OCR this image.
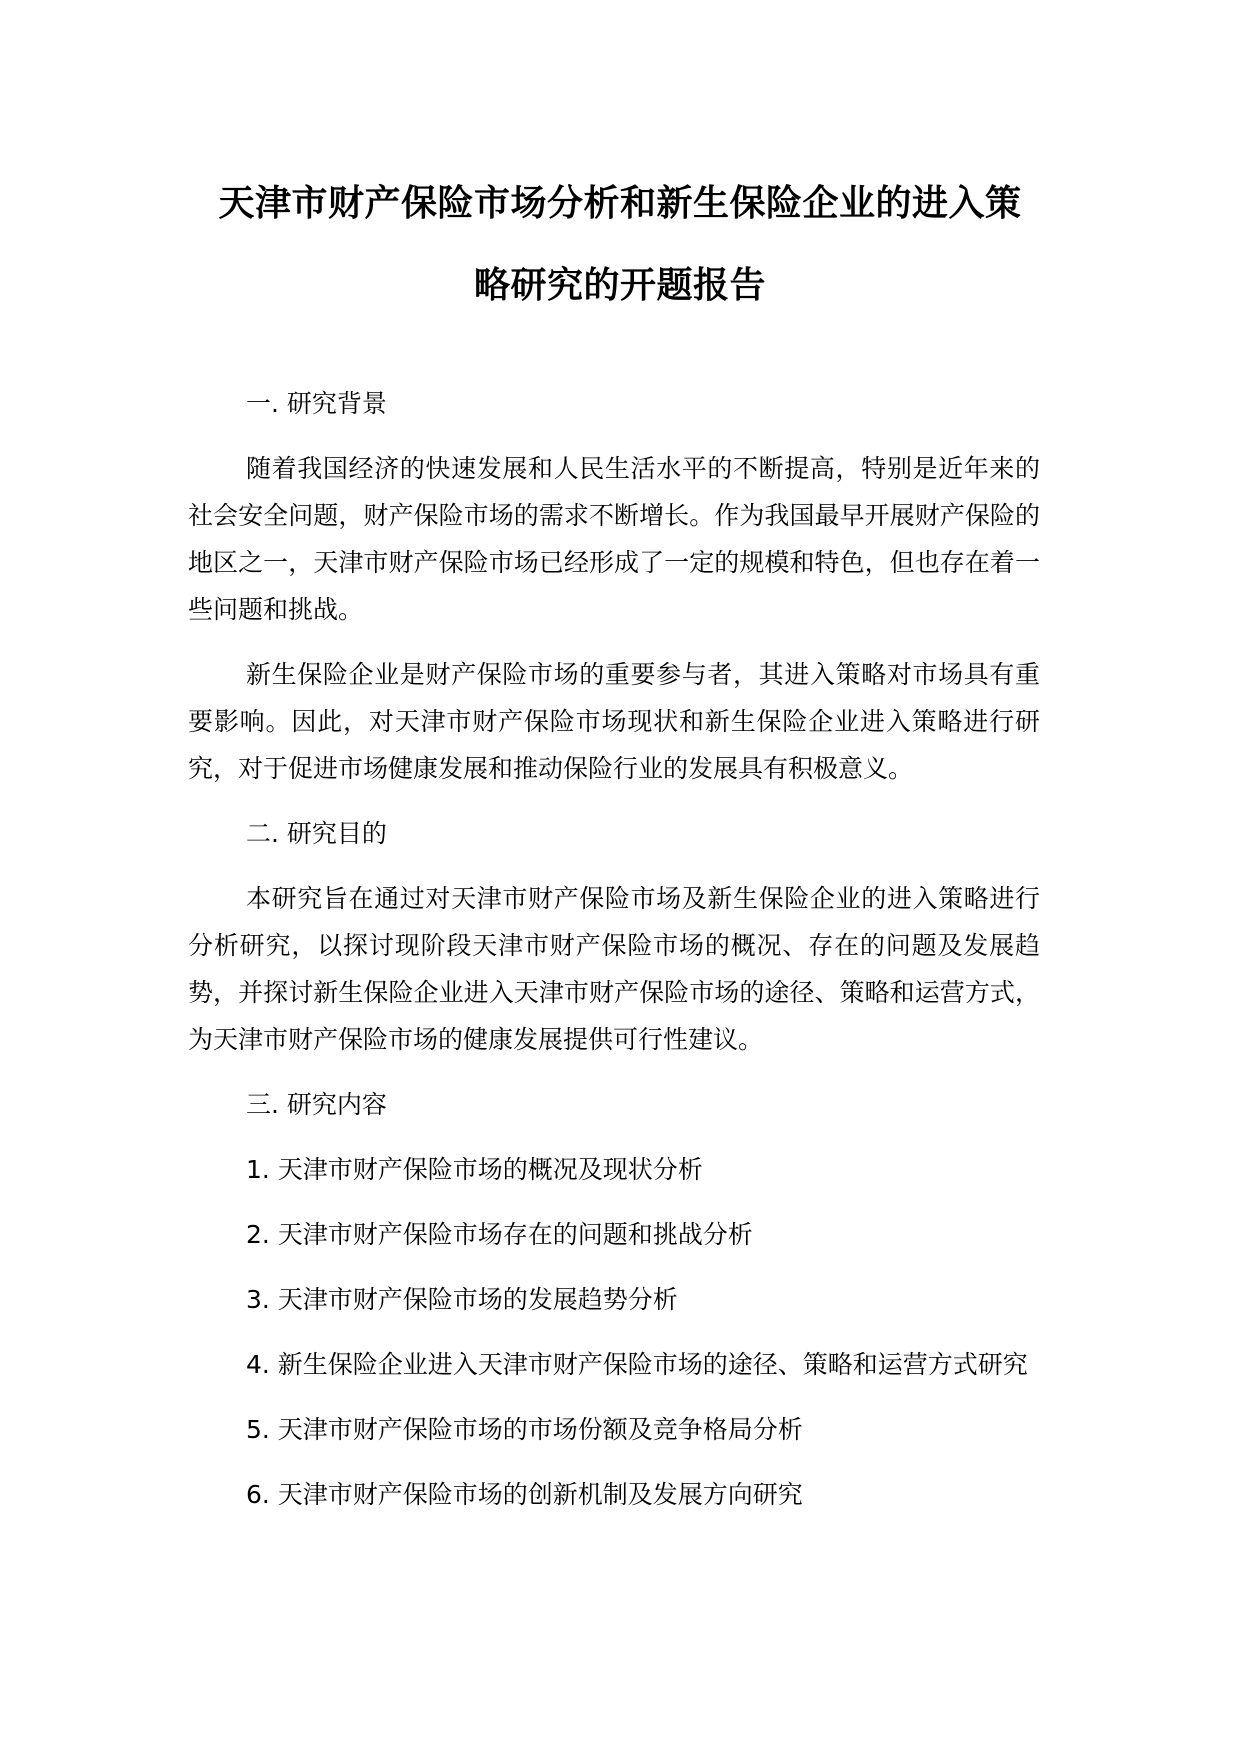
天津市财产保险市场分析和新生保险企业的进入策
略研究的开题报告

一. 研究背景

随着我国经济的快速发展和人民生活水平的不断提高，特别是近年来的社会安全问题，财产保险市场的需求不断增长。作为我国最早开展财产保险的地区之一，天津市财产保险市场已经形成了一定的规模和特色，但也存在着一些问题和挑战。

新生保险企业是财产保险市场的重要参与者，其进入策略对市场具有重要影响。因此，对天津市财产保险市场现状和新生保险企业进入策略进行研究，对于促进市场健康发展和推动保险行业的发展具有积极意义。

二. 研究目的

本研究旨在通过对天津市财产保险市场及新生保险企业的进入策略进行分析研究，以探讨现阶段天津市财产保险市场的概况、存在的问题及发展趋势，并探讨新生保险企业进入天津市财产保险市场的途径、策略和运营方式，为天津市财产保险市场的健康发展提供可行性建议。

三. 研究内容

1. 天津市财产保险市场的概况及现状分析

2. 天津市财产保险市场存在的问题和挑战分析

3. 天津市财产保险市场的发展趋势分析

4. 新生保险企业进入天津市财产保险市场的途径、策略和运营方式研究

5. 天津市财产保险市场的市场份额及竞争格局分析

6. 天津市财产保险市场的创新机制及发展方向研究
